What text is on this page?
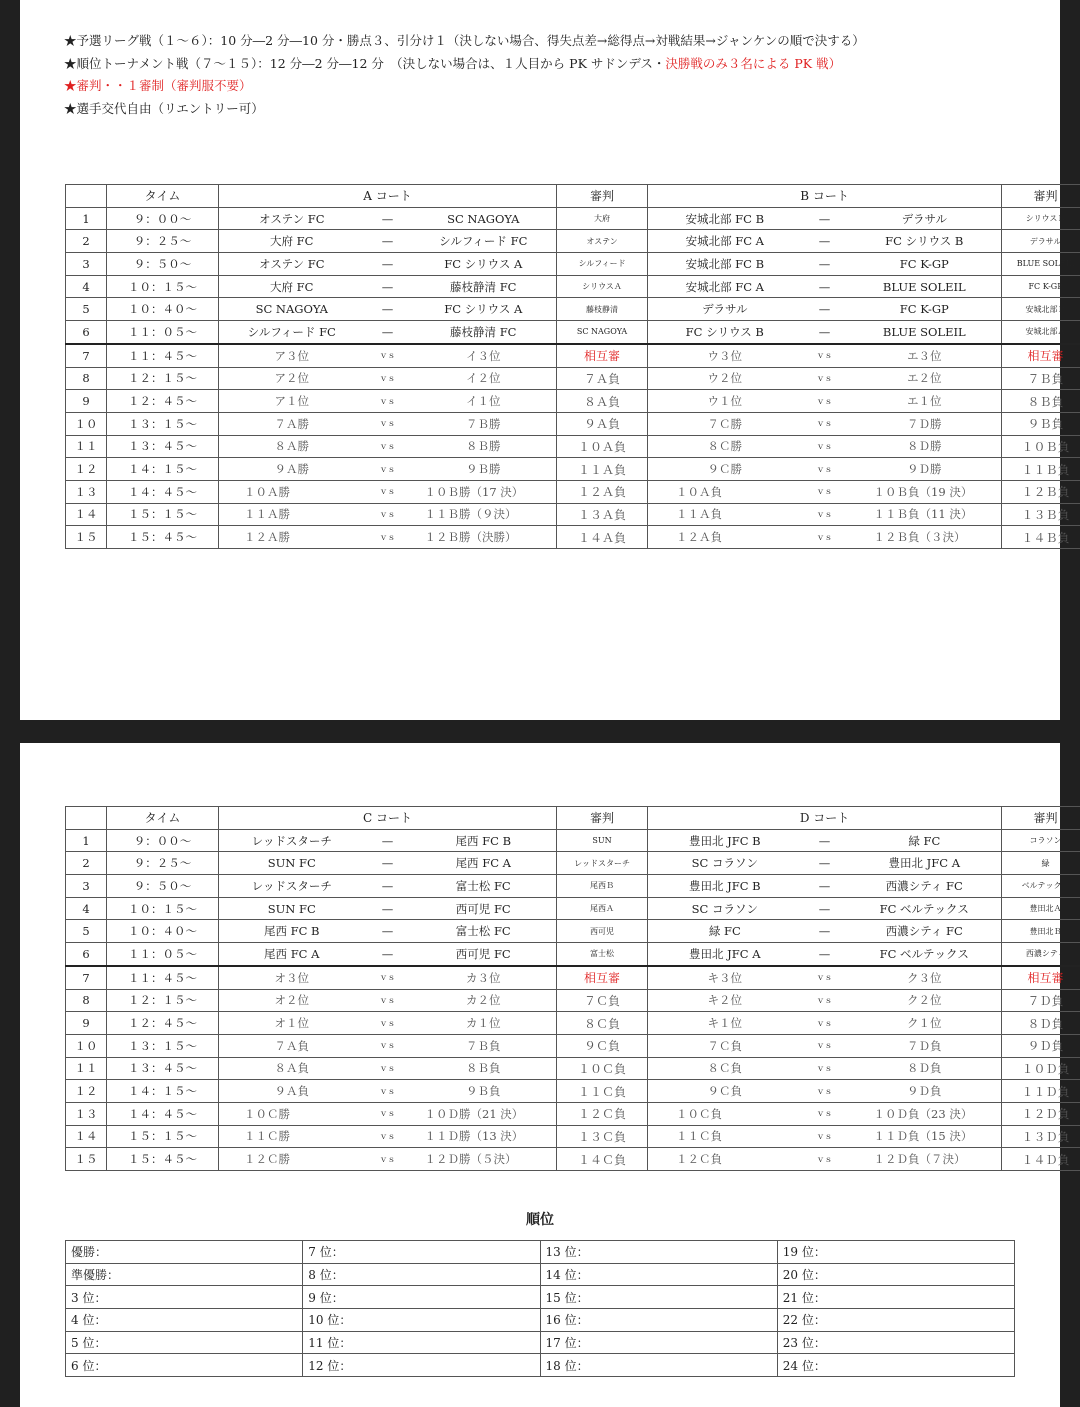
★予選リーグ戦（１〜６）：10 分―2 分―10 分・勝点３、引分け１（決しない場合、得失点差→総得点→対戦結果→ジャンケンの順で決する）
★順位トーナメント戦（７〜１５）：12 分―2 分―12 分　（決しない場合は、１人目から PK サドンデス・決勝戦のみ３名による PK 戦）
★審判・・１審制（審判服不要）
★選手交代自由（リエントリー可）
	タイム	A コート			審判	B コート			審判
1	９：００〜	オステン FC	—	SC NAGOYA	大府	安城北部 FC B	—	デラサル	シリウスＢ
2	９：２５〜	大府 FC	—	シルフィード FC	オステン	安城北部 FC A	—	FC シリウス B	デラサル
3	９：５０〜	オステン FC	—	FC シリウス A	シルフィード	安城北部 FC B	—	FC K-GP	BLUE SOLEIL
4	１０：１５〜	大府 FC	—	藤枝静清 FC	シリウスＡ	安城北部 FC A	—	BLUE SOLEIL	FC K-GP
5	１０：４０〜	SC NAGOYA	—	FC シリウス A	藤枝静清	デラサル	—	FC K-GP	安城北部Ｂ
6	１１：０５〜	シルフィード FC	—	藤枝静清 FC	SC NAGOYA	FC シリウス B	—	BLUE SOLEIL	安城北部Ａ
7	１１：４５〜	ア３位	ｖｓ	イ３位	相互審	ウ３位	ｖｓ	エ３位	相互審
8	１２：１５〜	ア２位	ｖｓ	イ２位	７Ａ負	ウ２位	ｖｓ	エ２位	７Ｂ負
9	１２：４５〜	ア１位	ｖｓ	イ１位	８Ａ負	ウ１位	ｖｓ	エ１位	８Ｂ負
１０	１３：１５〜	７Ａ勝	ｖｓ	７Ｂ勝	９Ａ負	７Ｃ勝	ｖｓ	７Ｄ勝	９Ｂ負
１１	１３：４５〜	８Ａ勝	ｖｓ	８Ｂ勝	１０Ａ負	８Ｃ勝	ｖｓ	８Ｄ勝	１０Ｂ負
１２	１４：１５〜	９Ａ勝	ｖｓ	９Ｂ勝	１１Ａ負	９Ｃ勝	ｖｓ	９Ｄ勝	１１Ｂ負
１３	１４：４５〜	１０Ａ勝	ｖｓ	１０Ｂ勝（17 決）	１２Ａ負	１０Ａ負	ｖｓ	１０Ｂ負（19 決）	１２Ｂ負
１４	１５：１５〜	１１Ａ勝	ｖｓ	１１Ｂ勝（９決）	１３Ａ負	１１Ａ負	ｖｓ	１１Ｂ負（11 決）	１３Ｂ負
１５	１５：４５〜	１２Ａ勝	ｖｓ	１２Ｂ勝（決勝）	１４Ａ負	１２Ａ負	ｖｓ	１２Ｂ負（３決）	１４Ｂ負
	タイム	C コート			審判	D コート			審判
1	９：００〜	レッドスターチ	—	尾西 FC B	SUN	豊田北 JFC B	—	緑 FC	コラソン
2	９：２５〜	SUN FC	—	尾西 FC A	レッドスターチ	SC コラソン	—	豊田北 JFC A	緑
3	９：５０〜	レッドスターチ	—	富士松 FC	尾西Ｂ	豊田北 JFC B	—	西濃シティ FC	ベルテックス
4	１０：１５〜	SUN FC	—	西可児 FC	尾西Ａ	SC コラソン	—	FC ベルテックス	豊田北Ａ
5	１０：４０〜	尾西 FC B	—	富士松 FC	西可児	緑 FC	—	西濃シティ FC	豊田北Ｂ
6	１１：０５〜	尾西 FC A	—	西可児 FC	富士松	豊田北 JFC A	—	FC ベルテックス	西濃シティ
7	１１：４５〜	オ３位	ｖｓ	カ３位	相互審	キ３位	ｖｓ	ク３位	相互審
8	１２：１５〜	オ２位	ｖｓ	カ２位	７Ｃ負	キ２位	ｖｓ	ク２位	７Ｄ負
9	１２：４５〜	オ１位	ｖｓ	カ１位	８Ｃ負	キ１位	ｖｓ	ク１位	８Ｄ負
１０	１３：１５〜	７Ａ負	ｖｓ	７Ｂ負	９Ｃ負	７Ｃ負	ｖｓ	７Ｄ負	９Ｄ負
１１	１３：４５〜	８Ａ負	ｖｓ	８Ｂ負	１０Ｃ負	８Ｃ負	ｖｓ	８Ｄ負	１０Ｄ負
１２	１４：１５〜	９Ａ負	ｖｓ	９Ｂ負	１１Ｃ負	９Ｃ負	ｖｓ	９Ｄ負	１１Ｄ負
１３	１４：４５〜	１０Ｃ勝	ｖｓ	１０Ｄ勝（21 決）	１２Ｃ負	１０Ｃ負	ｖｓ	１０Ｄ負（23 決）	１２Ｄ負
１４	１５：１５〜	１１Ｃ勝	ｖｓ	１１Ｄ勝（13 決）	１３Ｃ負	１１Ｃ負	ｖｓ	１１Ｄ負（15 決）	１３Ｄ負
１５	１５：４５〜	１２Ｃ勝	ｖｓ	１２Ｄ勝（５決）	１４Ｃ負	１２Ｃ負	ｖｓ	１２Ｄ負（７決）	１４Ｄ負
順位
優勝：	7 位：	13 位：	19 位：
準優勝：	8 位：	14 位：	20 位：
3 位：	9 位：	15 位：	21 位：
4 位：	10 位：	16 位：	22 位：
5 位：	11 位：	17 位：	23 位：
6 位：	12 位：	18 位：	24 位：
